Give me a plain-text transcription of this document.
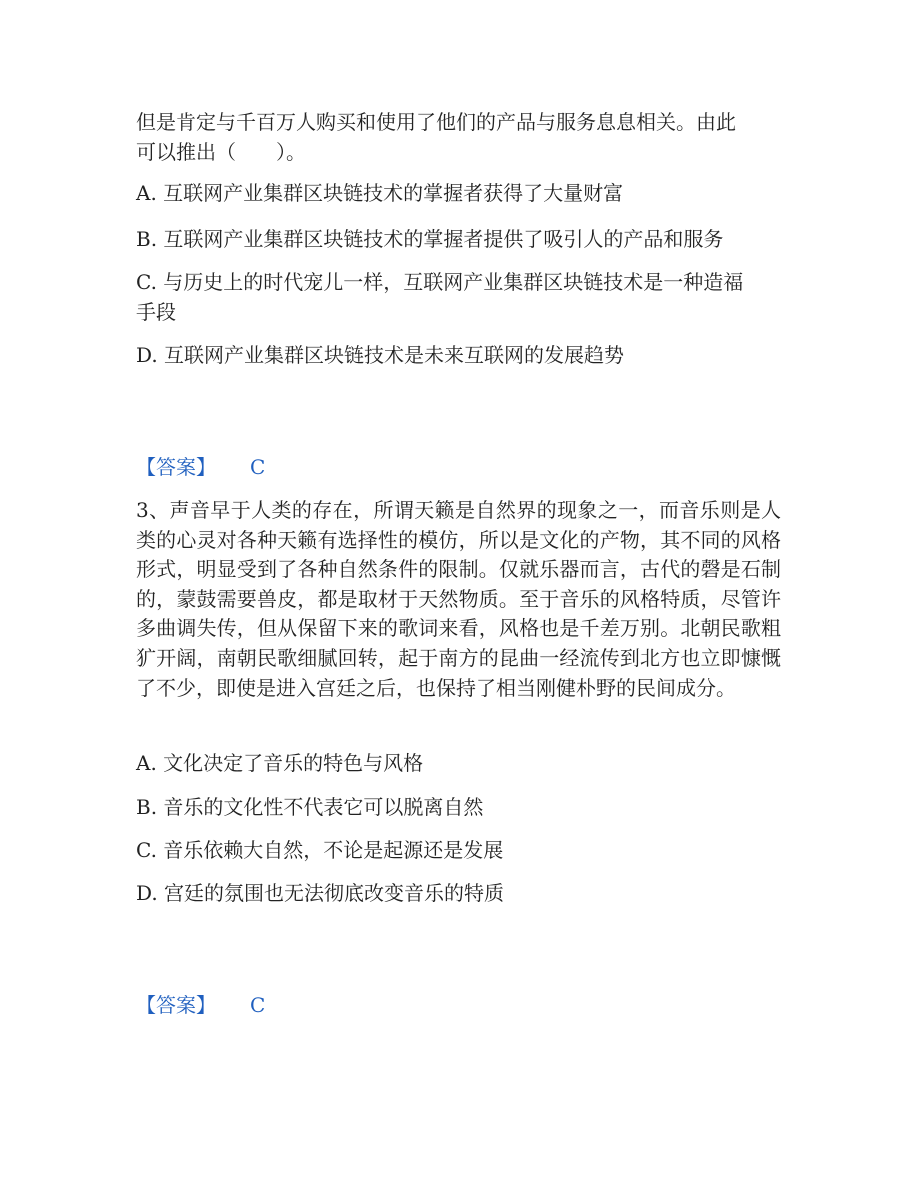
但是肯定与千百万人购买和使用了他们的产品与服务息息相关。由此
可以推出（　　）。
A. 互联网产业集群区块链技术的掌握者获得了大量财富
B. 互联网产业集群区块链技术的掌握者提供了吸引人的产品和服务
C. 与历史上的时代宠儿一样，互联网产业集群区块链技术是一种造福
手段
D. 互联网产业集群区块链技术是未来互联网的发展趋势
【答案】 C
3、声音早于人类的存在，所谓天籁是自然界的现象之一，而音乐则是人类的心灵对各种天籁有选择性的模仿，所以是文化的产物，其不同的风格形式，明显受到了各种自然条件的限制。仅就乐器而言，古代的磬是石制的，蒙鼓需要兽皮，都是取材于天然物质。至于音乐的风格特质，尽管许多曲调失传，但从保留下来的歌词来看，风格也是千差万别。北朝民歌粗犷开阔，南朝民歌细腻回转，起于南方的昆曲一经流传到北方也立即慷慨了不少，即使是进入宫廷之后，也保持了相当刚健朴野的民间成分。
A. 文化决定了音乐的特色与风格
B. 音乐的文化性不代表它可以脱离自然
C. 音乐依赖大自然，不论是起源还是发展
D. 宫廷的氛围也无法彻底改变音乐的特质
【答案】 C
